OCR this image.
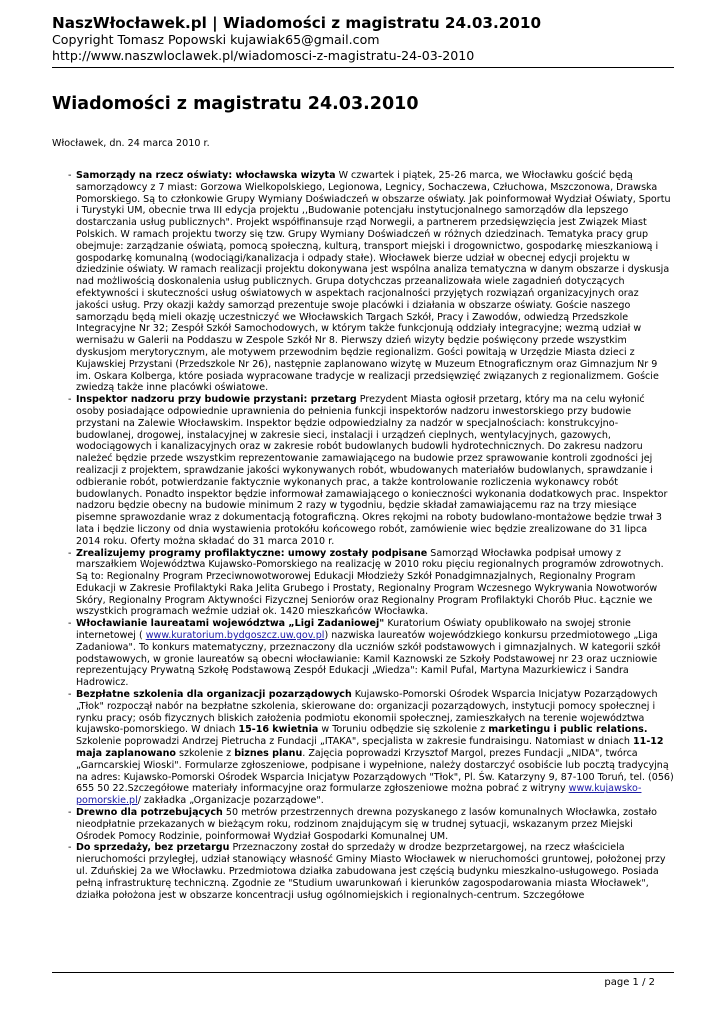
NaszWłocławek.pl | Wiadomości z magistratu 24.03.2010
Copyright Tomasz Popowski kujawiak65@gmail.com
http://www.naszwloclawek.pl/wiadomosci-z-magistratu-24-03-2010
Wiadomości z magistratu 24.03.2010
Włocławek, dn. 24 marca 2010 r.
- Samorządy na rzecz oświaty: włocławska wizyta W czwartek i piątek, 25-26 marca, we Włocławku gościć będą samorządowcy z 7 miast: Gorzowa Wielkopolskiego, Legionowa, Legnicy, Sochaczewa, Człuchowa, Mszczonowa, Drawska Pomorskiego. Są to członkowie Grupy Wymiany Doświadczeń w obszarze oświaty. Jak poinformował Wydział Oświaty, Sportu i Turystyki UM, obecnie trwa III edycja projektu ,,Budowanie potencjału instytucjonalnego samorządów dla lepszego dostarczania usług publicznych". Projekt współfinansuje rząd Norwegii, a partnerem przedsięwzięcia jest Związek Miast Polskich. W ramach projektu tworzy się tzw. Grupy Wymiany Doświadczeń w różnych dziedzinach. Tematyka pracy grup obejmuje: zarządzanie oświatą, pomocą społeczną, kulturą, transport miejski i drogownictwo, gospodarkę mieszkaniową i gospodarkę komunalną (wodociągi/kanalizacja i odpady stałe). Włocławek bierze udział w obecnej edycji projektu w dziedzinie oświaty. W ramach realizacji projektu dokonywana jest wspólna analiza tematyczna w danym obszarze i dyskusja nad możliwością doskonalenia usług publicznych. Grupa dotychczas przeanalizowała wiele zagadnień dotyczących efektywności i skuteczności usług oświatowych w aspektach racjonalności przyjętych rozwiązań organizacyjnych oraz jakości usług. Przy okazji każdy samorząd prezentuje swoje placówki i działania w obszarze oświaty. Goście naszego samorządu będą mieli okazję uczestniczyć we Włocławskich Targach Szkół, Pracy i Zawodów, odwiedzą Przedszkole Integracyjne Nr 32; Zespół Szkół Samochodowych, w którym także funkcjonują oddziały integracyjne; wezmą udział w wernisażu w Galerii na Poddaszu w Zespole Szkół Nr 8. Pierwszy dzień wizyty będzie poświęcony przede wszystkim dyskusjom merytorycznym, ale motywem przewodnim będzie regionalizm. Gości powitają w Urzędzie Miasta dzieci z Kujawskiej Przystani (Przedszkole Nr 26), następnie zaplanowano wizytę w Muzeum Etnograficznym oraz Gimnazjum Nr 9 im. Oskara Kolberga, które posiada wypracowane tradycje w realizacji przedsięwzięć związanych z regionalizmem. Goście zwiedzą także inne placówki oświatowe.
- Inspektor nadzoru przy budowie przystani: przetarg Prezydent Miasta ogłosił przetarg, który ma na celu wyłonić osoby posiadające odpowiednie uprawnienia do pełnienia funkcji inspektorów nadzoru inwestorskiego przy budowie przystani na Zalewie Włocławskim. Inspektor będzie odpowiedzialny za nadzór w specjalnościach: konstrukcyjno-budowlanej, drogowej, instalacyjnej w zakresie sieci, instalacji i urządzeń cieplnych, wentylacyjnych, gazowych, wodociągowych i kanalizacyjnych oraz w zakresie robót budowlanych budowli hydrotechnicznych. Do zakresu nadzoru należeć będzie przede wszystkim reprezentowanie zamawiającego na budowie przez sprawowanie kontroli zgodności jej realizacji z projektem, sprawdzanie jakości wykonywanych robót, wbudowanych materiałów budowlanych, sprawdzanie i odbieranie robót, potwierdzanie faktycznie wykonanych prac, a także kontrolowanie rozliczenia wykonawcy robót budowlanych. Ponadto inspektor będzie informował zamawiającego o konieczności wykonania dodatkowych prac. Inspektor nadzoru będzie obecny na budowie minimum 2 razy w tygodniu, będzie składał zamawiającemu raz na trzy miesiące pisemne sprawozdanie wraz z dokumentacją fotograficzną. Okres rękojmi na roboty budowlano-montażowe będzie trwał 3 lata i będzie liczony od dnia wystawienia protokółu końcowego robót, zamówienie wiec będzie zrealizowane do 31 lipca 2014 roku. Oferty można składać do 31 marca 2010 r.
- Zrealizujemy programy profilaktyczne: umowy zostały podpisane Samorząd Włocławka podpisał umowy z marszałkiem Województwa Kujawsko-Pomorskiego na realizację w 2010 roku pięciu regionalnych programów zdrowotnych. Są to: Regionalny Program Przeciwnowotworowej Edukacji Młodzieży Szkół Ponadgimnazjalnych, Regionalny Program Edukacji w Zakresie Profilaktyki Raka Jelita Grubego i Prostaty, Regionalny Program Wczesnego Wykrywania Nowotworów Skóry, Regionalny Program Aktywności Fizycznej Seniorów oraz Regionalny Program Profilaktyki Chorób Płuc. Łącznie we wszystkich programach weźmie udział ok. 1420 mieszkańców Włocławka.
- Włocławianie laureatami województwa „Ligi Zadaniowej" Kuratorium Oświaty opublikowało na swojej stronie internetowej ( www.kuratorium.bydgoszcz.uw.gov.pl) nazwiska laureatów wojewódzkiego konkursu przedmiotowego „Liga Zadaniowa". To konkurs matematyczny, przeznaczony dla uczniów szkół podstawowych i gimnazjalnych. W kategorii szkół podstawowych, w gronie laureatów są obecni włocławianie: Kamil Kaznowski ze Szkoły Podstawowej nr 23 oraz uczniowie reprezentujący Prywatną Szkołę Podstawową Zespół Edukacji „Wiedza": Kamil Pufal, Martyna Mazurkiewicz i Sandra Hadrowicz.
- Bezpłatne szkolenia dla organizacji pozarządowych Kujawsko-Pomorski Ośrodek Wsparcia Inicjatyw Pozarządowych „Tłok" rozpoczął nabór na bezpłatne szkolenia, skierowane do: organizacji pozarządowych, instytucji pomocy społecznej i rynku pracy; osób fizycznych bliskich założenia podmiotu ekonomii społecznej, zamieszkałych na terenie województwa kujawsko-pomorskiego. W dniach 15-16 kwietnia w Toruniu odbędzie się szkolenie z marketingu i public relations. Szkolenie poprowadzi Andrzej Pietrucha z Fundacji „ITAKA", specjalista w zakresie fundraisingu. Natomiast w dniach 11-12 maja zaplanowano szkolenie z biznes planu. Zajęcia poprowadzi Krzysztof Margol, prezes Fundacji „NIDA", twórca „Garncarskiej Wioski". Formularze zgłoszeniowe, podpisane i wypełnione, należy dostarczyć osobiście lub pocztą tradycyjną na adres: Kujawsko-Pomorski Ośrodek Wsparcia Inicjatyw Pozarządowych "Tłok", Pl. Św. Katarzyny 9, 87-100 Toruń, tel. (056) 655 50 22.Szczegółowe materiały informacyjne oraz formularze zgłoszeniowe można pobrać z witryny www.kujawsko-pomorskie.pl/ zakładka „Organizacje pozarządowe".
- Drewno dla potrzebujących 50 metrów przestrzennych drewna pozyskanego z lasów komunalnych Włocławka, zostało nieodpłatnie przekazanych w bieżącym roku, rodzinom znajdującym się w trudnej sytuacji, wskazanym przez Miejski Ośrodek Pomocy Rodzinie, poinformował Wydział Gospodarki Komunalnej UM.
- Do sprzedaży, bez przetargu Przeznaczony został do sprzedaży w drodze bezprzetargowej, na rzecz właściciela nieruchomości przyległej, udział stanowiący własność Gminy Miasto Włocławek w nieruchomości gruntowej, położonej przy ul. Zduńskiej 2a we Włocławku. Przedmiotowa działka zabudowana jest częścią budynku mieszkalno-usługowego. Posiada pełną infrastrukturę techniczną. Zgodnie ze "Studium uwarunkowań i kierunków zagospodarowania miasta Włocławek", działka położona jest w obszarze koncentracji usług ogólnomiejskich i regionalnych-centrum. Szczegółowe
page 1 / 2
